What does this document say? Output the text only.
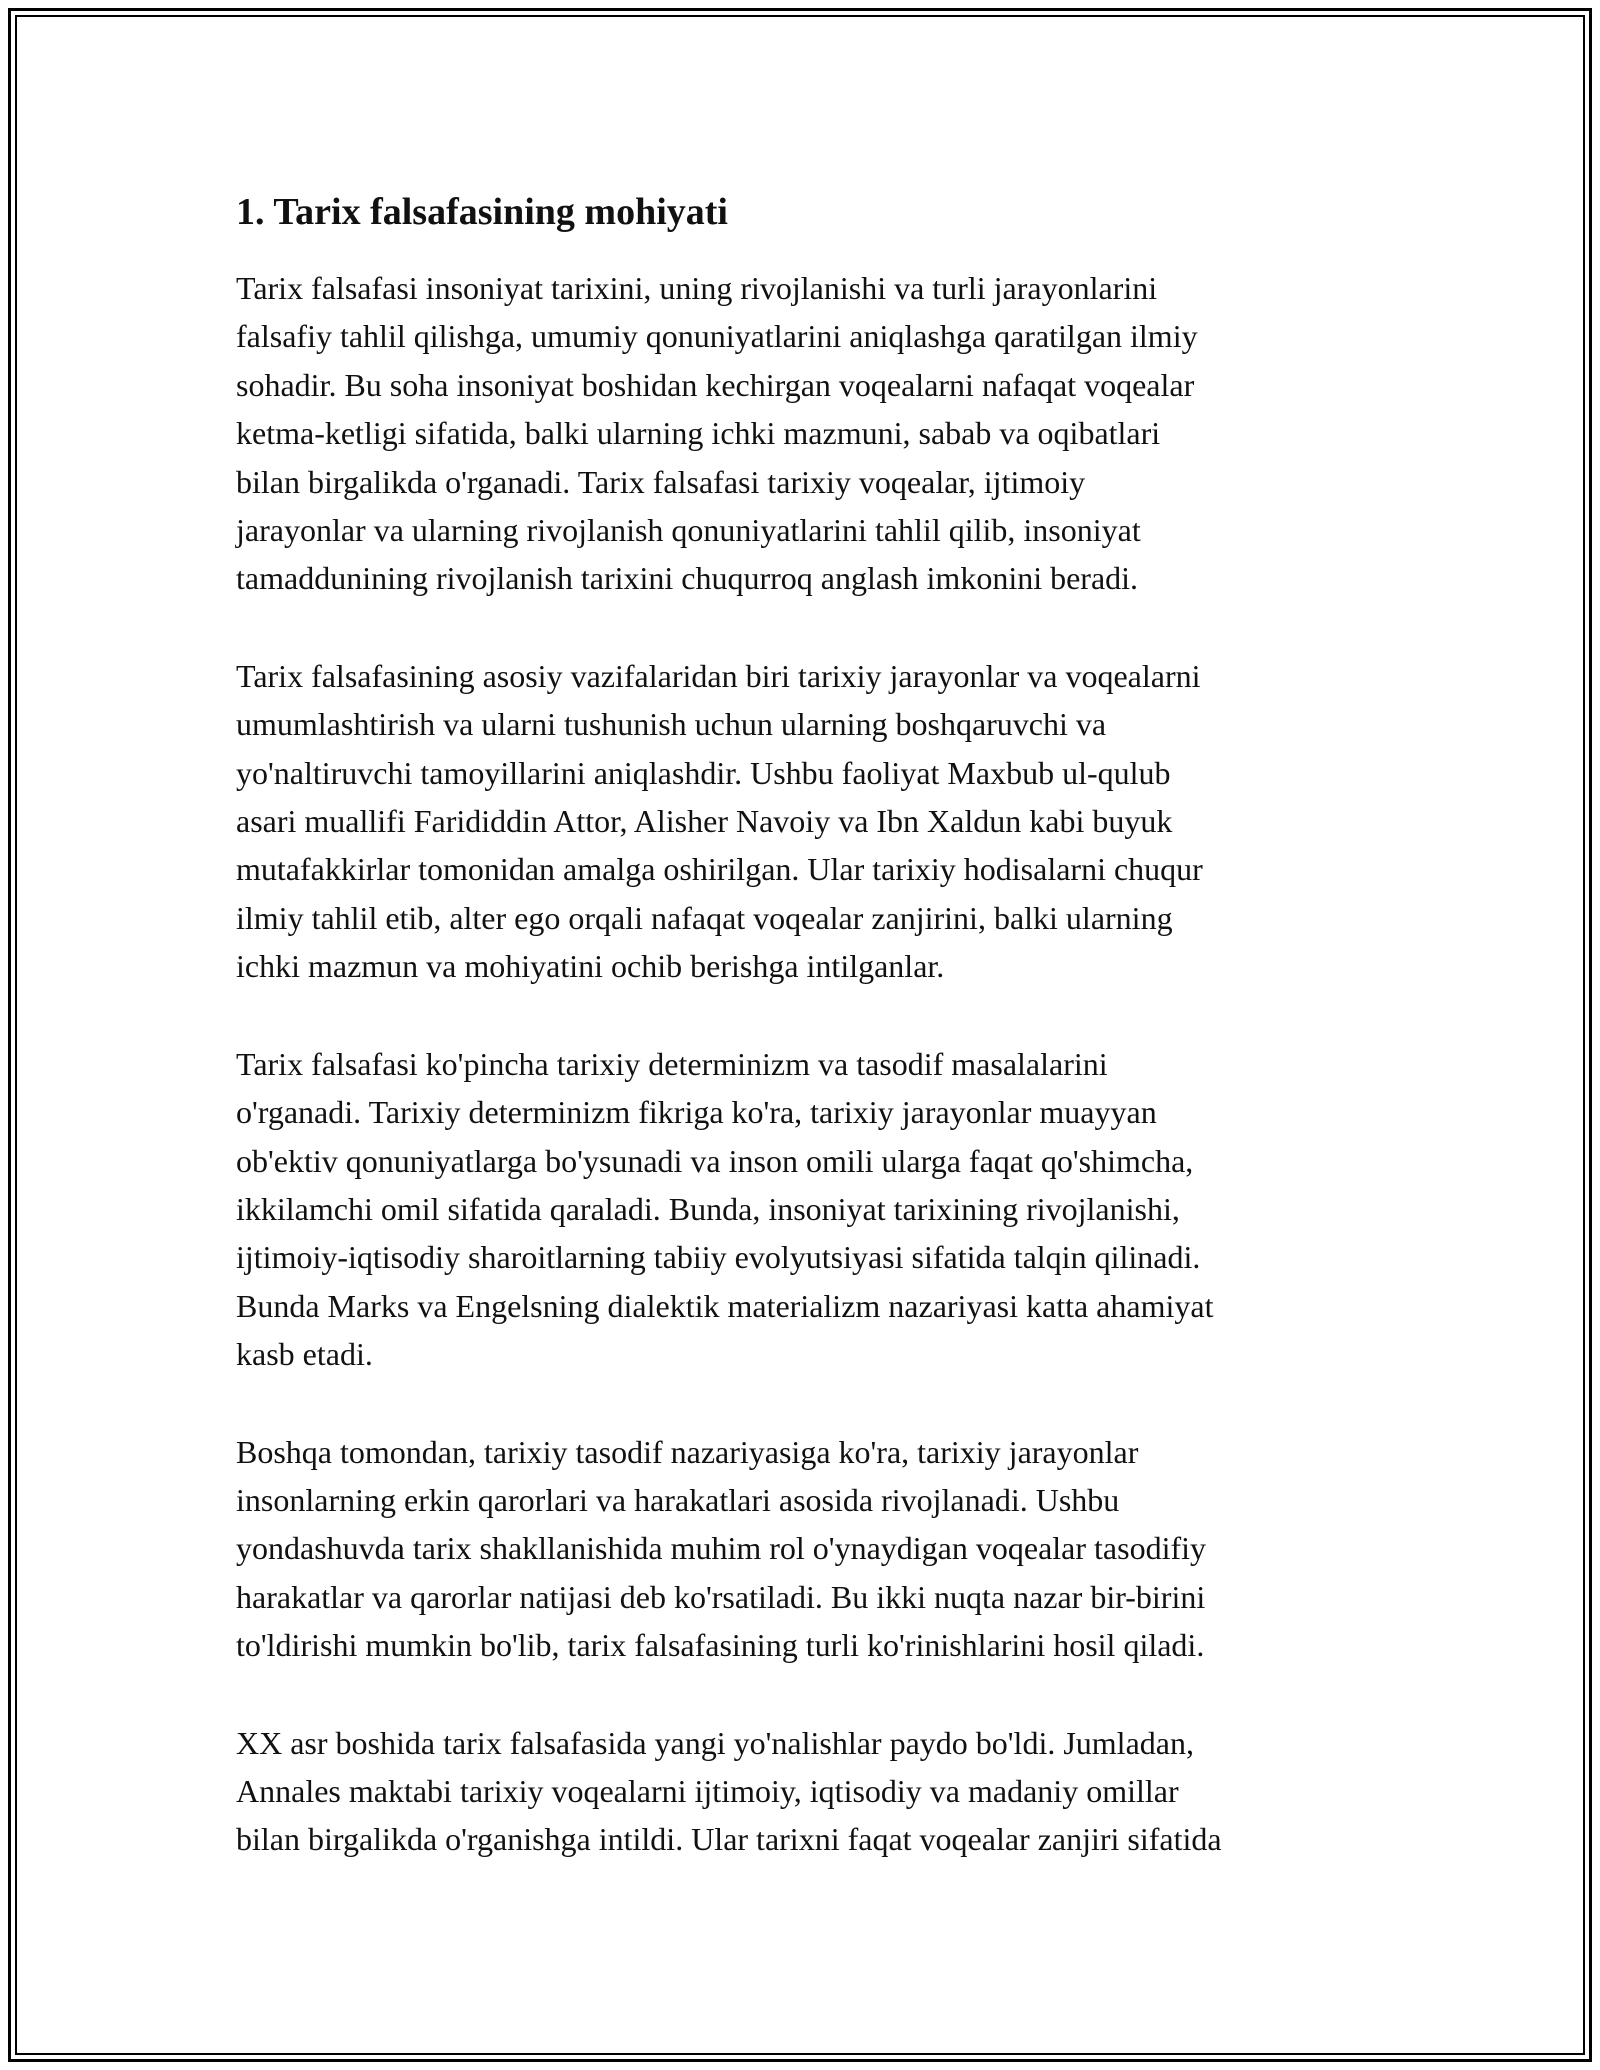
1. Tarix falsafasining mohiyati

Tarix falsafasi insoniyat tarixini, uning rivojlanishi va turli jarayonlarini
falsafiy tahlil qilishga, umumiy qonuniyatlarini aniqlashga qaratilgan ilmiy
sohadir. Bu soha insoniyat boshidan kechirgan voqealarni nafaqat voqealar
ketma-ketligi sifatida, balki ularning ichki mazmuni, sabab va oqibatlari
bilan birgalikda o'rganadi. Tarix falsafasi tarixiy voqealar, ijtimoiy
jarayonlar va ularning rivojlanish qonuniyatlarini tahlil qilib, insoniyat
tamaddunining rivojlanish tarixini chuqurroq anglash imkonini beradi.

Tarix falsafasining asosiy vazifalaridan biri tarixiy jarayonlar va voqealarni
umumlashtirish va ularni tushunish uchun ularning boshqaruvchi va
yo'naltiruvchi tamoyillarini aniqlashdir. Ushbu faoliyat Maxbub ul-qulub
asari muallifi Farididdin Attor, Alisher Navoiy va Ibn Xaldun kabi buyuk
mutafakkirlar tomonidan amalga oshirilgan. Ular tarixiy hodisalarni chuqur
ilmiy tahlil etib, alter ego orqali nafaqat voqealar zanjirini, balki ularning
ichki mazmun va mohiyatini ochib berishga intilganlar.

Tarix falsafasi ko'pincha tarixiy determinizm va tasodif masalalarini
o'rganadi. Tarixiy determinizm fikriga ko'ra, tarixiy jarayonlar muayyan
ob'ektiv qonuniyatlarga bo'ysunadi va inson omili ularga faqat qo'shimcha,
ikkilamchi omil sifatida qaraladi. Bunda, insoniyat tarixining rivojlanishi,
ijtimoiy-iqtisodiy sharoitlarning tabiiy evolyutsiyasi sifatida talqin qilinadi.
Bunda Marks va Engelsning dialektik materializm nazariyasi katta ahamiyat
kasb etadi.

Boshqa tomondan, tarixiy tasodif nazariyasiga ko'ra, tarixiy jarayonlar
insonlarning erkin qarorlari va harakatlari asosida rivojlanadi. Ushbu
yondashuvda tarix shakllanishida muhim rol o'ynaydigan voqealar tasodifiy
harakatlar va qarorlar natijasi deb ko'rsatiladi. Bu ikki nuqta nazar bir-birini
to'ldirishi mumkin bo'lib, tarix falsafasining turli ko'rinishlarini hosil qiladi.

XX asr boshida tarix falsafasida yangi yo'nalishlar paydo bo'ldi. Jumladan,
Annales maktabi tarixiy voqealarni ijtimoiy, iqtisodiy va madaniy omillar
bilan birgalikda o'rganishga intildi. Ular tarixni faqat voqealar zanjiri sifatida
